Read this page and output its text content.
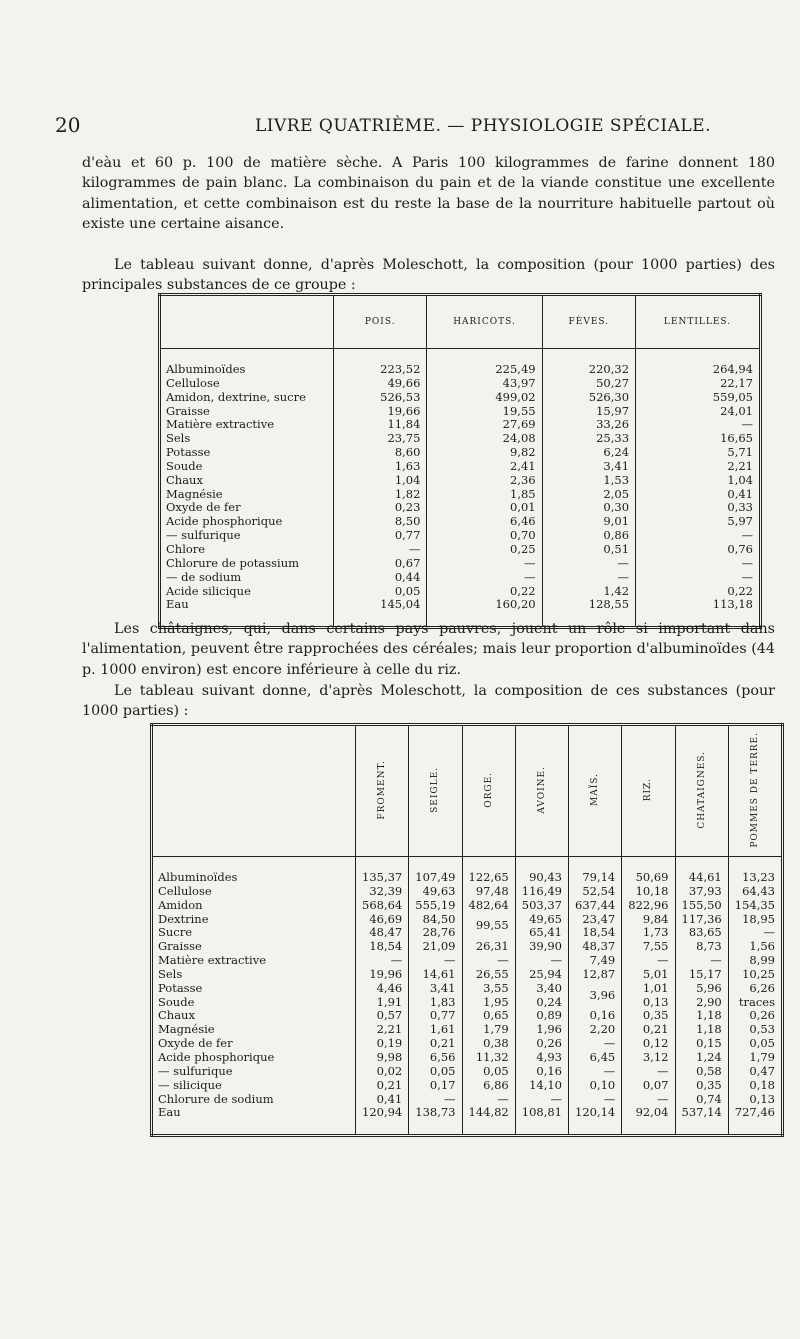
20	LIVRE QUATRIÈME. — PHYSIOLOGIE SPÉCIALE.

d'eàu et 60 p. 100 de matière sèche. A Paris 100 kilogrammes de farine donnent 180 kilogrammes de pain blanc. La combinaison du pain et de la viande constitue une excellente alimentation, et cette combinaison est du reste la base de la nourriture habituelle partout où existe une certaine aisance.

Le tableau suivant donne, d'après Moleschott, la composition (pour 1000 parties) des principales substances de ce groupe :

	POIS.	HARICOTS.	FÈVES.	LENTILLES.

Albuminoïdes	223,52	225,49	220,32	264,94
Cellulose	49,66	43,97	50,27	22,17
Amidon, dextrine, sucre	526,53	499,02	526,30	559,05
Graisse	19,66	19,55	15,97	24,01
Matière extractive	11,84	27,69	33,26	—
Sels	23,75	24,08	25,33	16,65
Potasse	8,60	9,82	6,24	5,71
Soude	1,63	2,41	3,41	2,21
Chaux	1,04	2,36	1,53	1,04
Magnésie	1,82	1,85	2,05	0,41
Oxyde de fer	0,23	0,01	0,30	0,33
Acide phosphorique	8,50	6,46	9,01	5,97
— sulfurique	0,77	0,70	0,86	—
Chlore	—	0,25	0,51	0,76
Chlorure de potassium	0,67	—	—	—
— de sodium	0,44	—	—	—
Acide silicique	0,05	0,22	1,42	0,22
Eau	145,04	160,20	128,55	113,18

Les châtaignes, qui, dans certains pays pauvres, jouent un rôle si important dans l'alimentation, peuvent être rapprochées des céréales; mais leur proportion d'albuminoïdes (44 p. 1000 environ) est encore inférieure à celle du riz.

Le tableau suivant donne, d'après Moleschott, la composition de ces substances (pour 1000 parties) :

	FROMENT.	SEIGLE.	ORGE.	AVOINE.	MAÏS.	RIZ.	CHATAIGNES.	POMMES DE TERRE.

Albuminoïdes	135,37	107,49	122,65	90,43	79,14	50,69	44,61	13,23
Cellulose	32,39	49,63	97,48	116,49	52,54	10,18	37,93	64,43
Amidon	568,64	555,19	482,64	503,37	637,44	822,96	155,50	154,35
Dextrine	46,69	84,50	99,55	49,65	23,47	9,84	117,36	18,95
Sucre	48,47	28,76		65,41	18,54	1,73	83,65	—
Graisse	18,54	21,09	26,31	39,90	48,37	7,55	8,73	1,56
Matière extractive	—	—	—	—	7,49	—	—	8,99
Sels	19,96	14,61	26,55	25,94	12,87	5,01	15,17	10,25
Potasse	4,46	3,41	3,55	3,40	3,96	1,01	5,96	6,26
Soude	1,91	1,83	1,95	0,24		0,13	2,90	traces
Chaux	0,57	0,77	0,65	0,89	0,16	0,35	1,18	0,26
Magnésie	2,21	1,61	1,79	1,96	2,20	0,21	1,18	0,53
Oxyde de fer	0,19	0,21	0,38	0,26	—	0,12	0,15	0,05
Acide phosphorique	9,98	6,56	11,32	4,93	6,45	3,12	1,24	1,79
— sulfurique	0,02	0,05	0,05	0,16	—	—	0,58	0,47
— silicique	0,21	0,17	6,86	14,10	0,10	0,07	0,35	0,18
Chlorure de sodium	0,41	—	—	—	—	—	0,74	0,13
Eau	120,94	138,73	144,82	108,81	120,14	92,04	537,14	727,46
